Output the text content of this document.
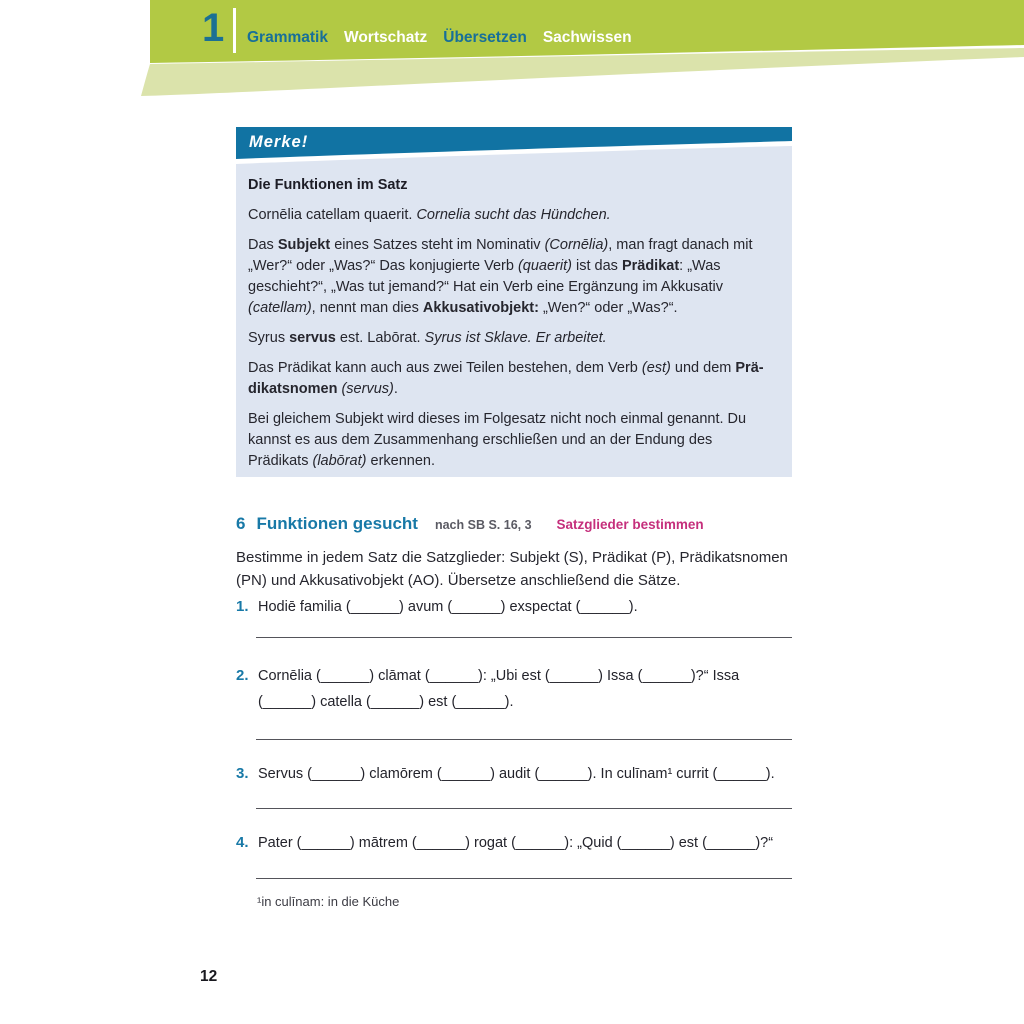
1 Grammatik Wortschatz Übersetzen Sachwissen
Merke!
Die Funktionen im Satz

Cornēlia catellam quaerit. Cornelia sucht das Hündchen.

Das Subjekt eines Satzes steht im Nominativ (Cornēlia), man fragt danach mit „Wer?“ oder „Was?“ Das konjugierte Verb (quaerit) ist das Prädikat: „Was geschieht?“, „Was tut jemand?“ Hat ein Verb eine Ergänzung im Akkusativ (catellam), nennt man dies Akkusativobjekt: „Wen?“ oder „Was?“.

Syrus servus est. Labōrat. Syrus ist Sklave. Er arbeitet.

Das Prädikat kann auch aus zwei Teilen bestehen, dem Verb (est) und dem Prädikatsnomen (servus).

Bei gleichem Subjekt wird dieses im Folgesatz nicht noch einmal genannt. Du kannst es aus dem Zusammenhang erschließen und an der Endung des Prädikats (labōrat) erkennen.

6 Funktionen gesucht nach SB S. 16, 3 Satzglieder bestimmen
Bestimme in jedem Satz die Satzglieder: Subjekt (S), Prädikat (P), Prädikatsnomen (PN) und Akkusativobjekt (AO). Übersetze anschließend die Sätze.
1. Hodiē familia (______) avum (______) exspectat (______).
2. Cornēlia (______) clāmat (______): „Ubi est (______) Issa (______)?“ Issa (______) catella (______) est (______).
3. Servus (______) clamōrem (______) audit (______). In culīnam¹ currit (______).
4. Pater (______) mātrem (______) rogat (______): „Quid (______) est (______)?“
¹in culīnam: in die Küche
12
